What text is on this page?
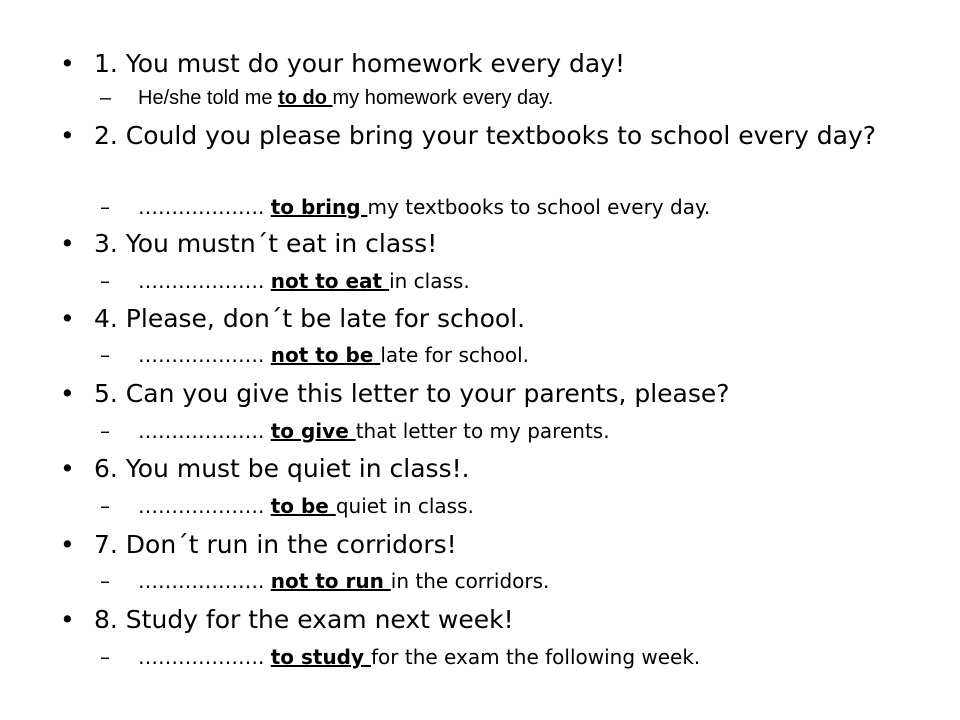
• 1. You must do your homework every day!
– He/she told me to do my homework every day.
• 2. Could you please bring your textbooks to school every day?
– ………………. to bring my textbooks to school every day.
• 3. You mustn´t eat in class!
– ………………. not to eat in class.
• 4. Please, don´t be late for school.
– ………………. not to be late for school.
• 5. Can you give this letter to your parents, please?
– ………………. to give that letter to my parents.
• 6. You must be quiet in class!.
– ………………. to be quiet in class.
• 7. Don´t run in the corridors!
– ………………. not to run in the corridors.
• 8. Study for the exam next week!
– ………………. to study for the exam the following week.
